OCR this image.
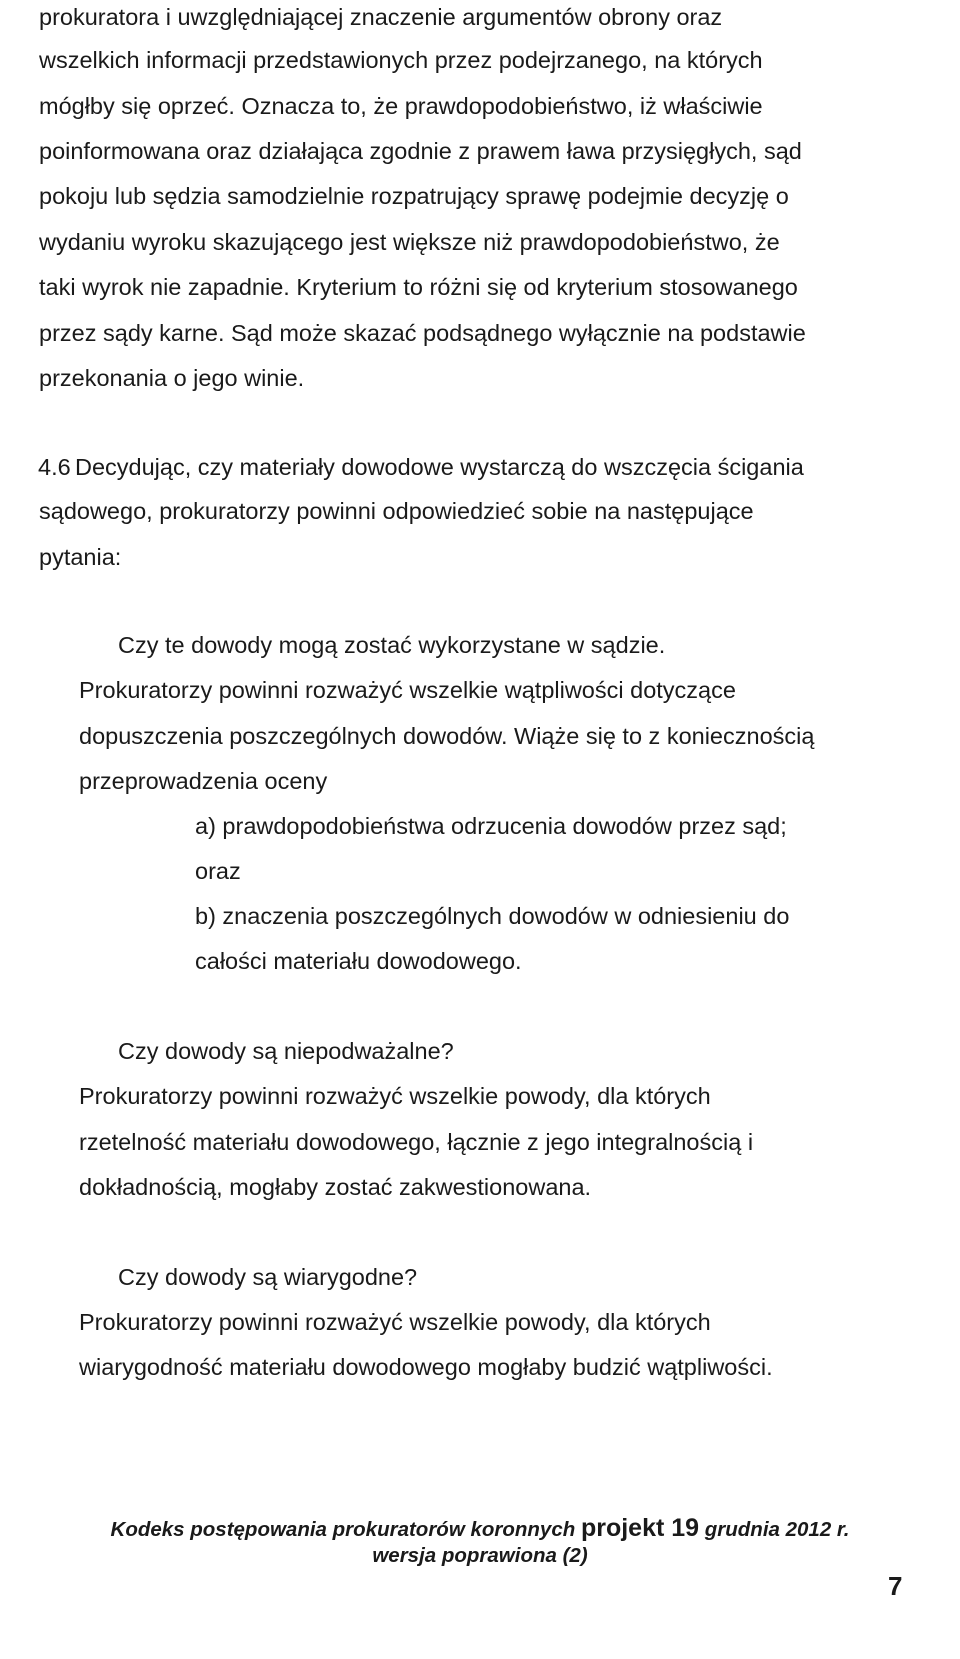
prokuratora i uwzględniającej znaczenie argumentów obrony oraz
wszelkich informacji przedstawionych przez podejrzanego, na których
mógłby się oprzeć. Oznacza to, że prawdopodobieństwo, iż właściwie
poinformowana oraz działająca zgodnie z prawem ława przysięgłych, sąd
pokoju lub sędzia samodzielnie rozpatrujący sprawę podejmie decyzję o
wydaniu wyroku skazującego jest większe niż prawdopodobieństwo, że
taki wyrok nie zapadnie. Kryterium to różni się od kryterium stosowanego
przez sądy karne. Sąd może skazać podsądnego wyłącznie na podstawie
przekonania o jego winie.
4.6 Decydując, czy materiały dowodowe wystarczą do wszczęcia ścigania
sądowego, prokuratorzy powinni odpowiedzieć sobie na następujące
pytania:
Czy te dowody mogą zostać wykorzystane w sądzie.
Prokuratorzy powinni rozważyć wszelkie wątpliwości dotyczące
dopuszczenia poszczególnych dowodów. Wiąże się to z koniecznością
przeprowadzenia oceny
a) prawdopodobieństwa odrzucenia dowodów przez sąd;
oraz
b) znaczenia poszczególnych dowodów w odniesieniu do
całości materiału dowodowego.
Czy dowody są niepodważalne?
Prokuratorzy powinni rozważyć wszelkie powody, dla których
rzetelność materiału dowodowego, łącznie z jego integralnością i
dokładnością, mogłaby zostać zakwestionowana.
Czy dowody są wiarygodne?
Prokuratorzy powinni rozważyć wszelkie powody, dla których
wiarygodność materiału dowodowego mogłaby budzić wątpliwości.
7
Kodeks postępowania prokuratorów koronnych projekt 19 grudnia 2012 r.
wersja poprawiona (2)
